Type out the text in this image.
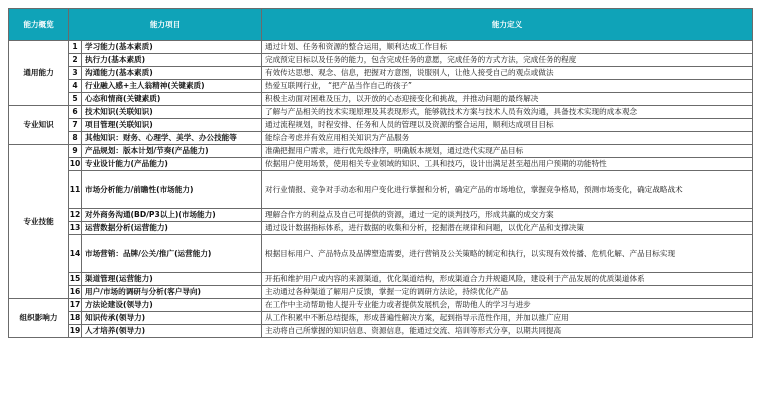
能力概览	能力项目		能力定义
通用能力	1	学习能力(基本素质)	通过计划、任务和资源的整合运用，顺利达成工作目标
	2	执行力(基本素质)	完成预定目标以及任务的能力，包含完成任务的意愿，完成任务的方式方法，完成任务的程度
	3	沟通能力(基本素质)	有效传达思想、观念、信息，把握对方意图，说服别人，让他人接受自己的观点或做法
	4	行业融入感+主人翁精神(关键素质)	热爱互联网行业， “把产品当作自己的孩子”
	5	心态和情商(关键素质)	积极主动面对困难及压力，以开放的心态迎接变化和挑战，并推动问题的最终解决
专业知识	6	技术知识(关联知识)	了解与产品相关的技术实现原理及其表现形式，能够就技术方案与技术人员有效沟通，具备技术实现的成本观念
	7	项目管理(关联知识)	通过流程规划，时程安排、任务和人员的管理以及资源的整合运用，顺利达成项目目标
	8	其他知识：财务、心理学、美学、办公技能等	能综合考虑并有效应用相关知识为产品服务
专业技能	9	产品规划：版本计划/节奏(产品能力)	准确把握用户需求，进行优先级排序，明确版本规划，通过迭代实现产品目标
	10	专业设计能力(产品能力)	依据用户使用场景，使用相关专业领域的知识、工具和技巧，设计出满足甚至超出用户预期的功能特性
	11	市场分析能力/前瞻性(市场能力)	对行业情报、竞争对手动态和用户变化进行掌握和分析，确定产品的市场地位，掌握竞争格局，预测市场变化，确定战略战术
	12	对外商务沟通(BD/P3以上)(市场能力)	理解合作方的利益点及自己可提供的资源，通过一定的谈判技巧，形成共赢的成交方案
	13	运营数据分析(运营能力)	通过设计数据指标体系，进行数据的收集和分析，挖掘潜在规律和问题，以优化产品和支撑决策
	14	市场营销：品牌/公关/推广(运营能力)	根据目标用户、产品特点及品牌塑造需要，进行营销及公关策略的制定和执行，以实现有效传播、危机化解、产品目标实现
	15	渠道管理(运营能力)	开拓和维护用户或内容的来源渠道，优化渠道结构，形成渠道合力并规避风险，建设利于产品发展的优质渠道体系
	16	用户/市场的调研与分析(客户导向)	主动通过各种渠道了解用户反馈，掌握一定的调研方法论，持续优化产品
组织影响力	17	方法论建设(领导力)	在工作中主动帮助他人提升专业能力或者提供发展机会，帮助他人的学习与进步
	18	知识传承(领导力)	从工作积累中不断总结提炼，形成普遍性解决方案，起到指导示范性作用，并加以推广应用
	19	人才培养(领导力)	主动将自己所掌握的知识信息、资源信息，能通过交流、培训等形式分享，以期共同提高
